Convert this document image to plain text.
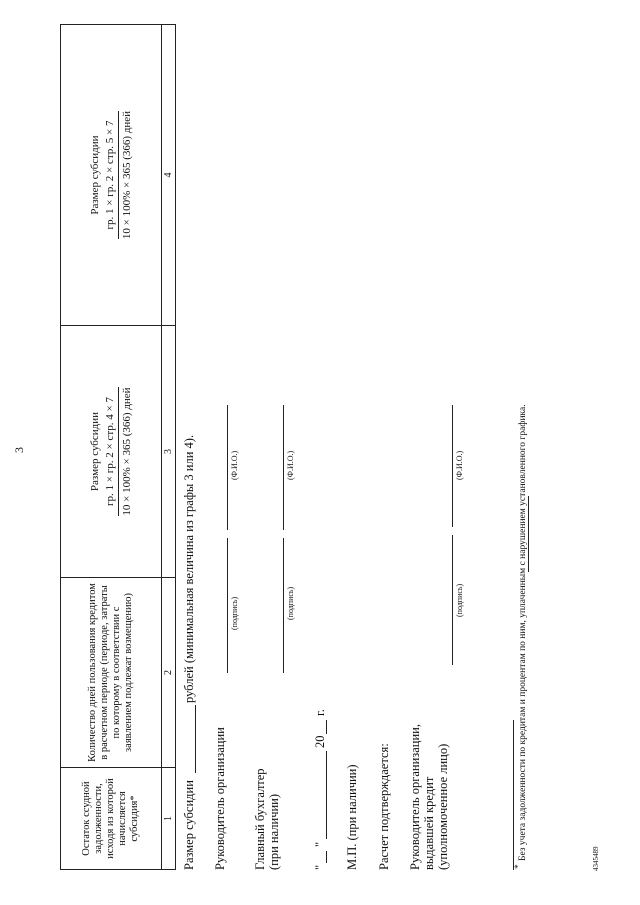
3
Остаток ссудной задолженности, исходя из которой начисляется субсидия*	Количество дней пользования кредитом в расчетном периоде (периоде, затраты по которому в соответствии с заявлением подлежат возмещению)	Размер субсидии гр. 1 × гр. 2 × стр. 4 × 7 10 × 100% × 365 (366) дней	Размер субсидии гр. 1 × гр. 2 × стр. 5 × 7 10 × 100% × 365 (366) дней

1	2	3	4
Размер субсидии
рублей (минимальная величина из графы 3 или 4).
Руководитель организации
(подпись)
(Ф.И.О.)
Главный бухгалтер (при наличии)
(подпись)
(Ф.И.О.)
"
"
20
г.
М.П. (при наличии) Расчет подтверждается: Руководитель организации, выдавшей кредит (уполномоченное лицо)
(подпись)
(Ф.И.О.)
*
Без учета задолженности по кредитам и процентам по ним, уплаченным с нарушением установленного графика.	4345489
